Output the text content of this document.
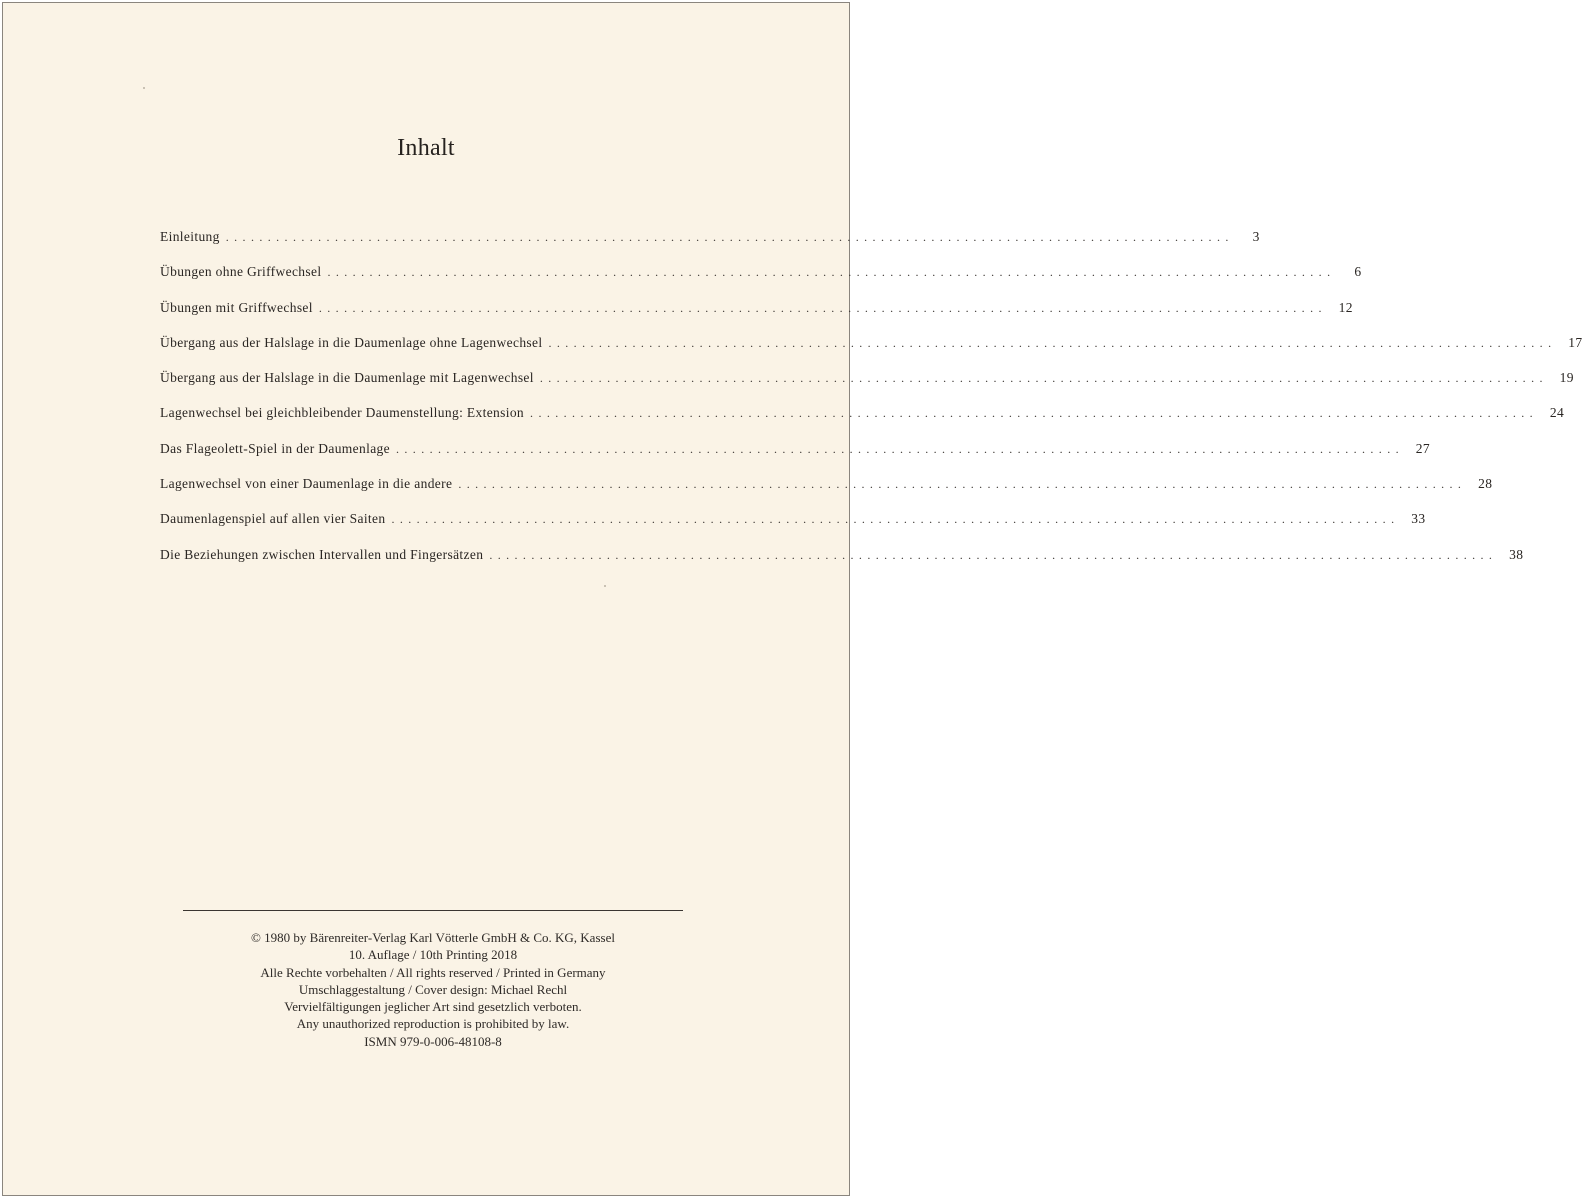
Inhalt
Einleitung ........................................................................................................................	3
Übungen ohne Griffwechsel ........................................................................................................................	6
Übungen mit Griffwechsel ........................................................................................................................ 12
Übergang aus der Halslage in die Daumenlage ohne Lagenwechsel ........................................................................................................................ 17
Übergang aus der Halslage in die Daumenlage mit Lagenwechsel ........................................................................................................................ 19
Lagenwechsel bei gleichbleibender Daumenstellung: Extension ........................................................................................................................ 24
Das Flageolett-Spiel in der Daumenlage ........................................................................................................................ 27
Lagenwechsel von einer Daumenlage in die andere ........................................................................................................................ 28
Daumenlagenspiel auf allen vier Saiten ........................................................................................................................ 33
Die Beziehungen zwischen Intervallen und Fingersätzen ........................................................................................................................ 38
© 1980 by Bärenreiter-Verlag Karl Vötterle GmbH & Co. KG, Kassel
10. Auflage / 10th Printing 2018
Alle Rechte vorbehalten / All rights reserved / Printed in Germany
Umschlaggestaltung / Cover design: Michael Rechl
Vervielfältigungen jeglicher Art sind gesetzlich verboten.
Any unauthorized reproduction is prohibited by law.
ISMN 979-0-006-48108-8
